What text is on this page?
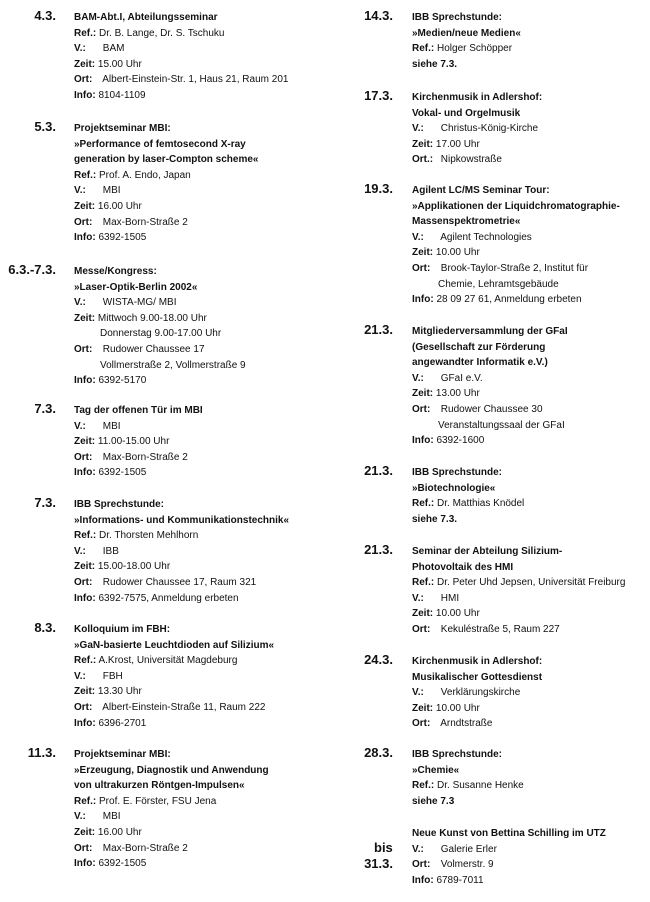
4.3. BAM-Abt.I, Abteilungsseminar
Ref.: Dr. B. Lange, Dr. S. Tschuku
V.: BAM
Zeit: 15.00 Uhr
Ort: Albert-Einstein-Str. 1, Haus 21, Raum 201
Info: 8104-1109
5.3. Projektseminar MBI:
»Performance of femtosecond X-ray
generation by laser-Compton scheme«
Ref.: Prof. A. Endo, Japan
V.: MBI
Zeit: 16.00 Uhr
Ort: Max-Born-Straße 2
Info: 6392-1505
6.3.-7.3. Messe/Kongress:
»Laser-Optik-Berlin 2002«
V.: WISTA-MG/ MBI
Zeit: Mittwoch 9.00-18.00 Uhr
Donnerstag 9.00-17.00 Uhr
Ort: Rudower Chaussee 17
Vollmerstraße 2, Vollmerstraße 9
Info: 6392-5170
7.3. Tag der offenen Tür im MBI
V.: MBI
Zeit: 11.00-15.00 Uhr
Ort: Max-Born-Straße 2
Info: 6392-1505
7.3. IBB Sprechstunde:
»Informations- und Kommunikationstechnik«
Ref.: Dr. Thorsten Mehlhorn
V.: IBB
Zeit: 15.00-18.00 Uhr
Ort: Rudower Chaussee 17, Raum 321
Info: 6392-7575, Anmeldung erbeten
8.3. Kolloquium im FBH:
»GaN-basierte Leuchtdioden auf Silizium«
Ref.: A.Krost, Universität Magdeburg
V.: FBH
Zeit: 13.30 Uhr
Ort: Albert-Einstein-Straße 11, Raum 222
Info: 6396-2701
11.3. Projektseminar MBI:
»Erzeugung, Diagnostik und Anwendung
von ultrakurzen Röntgen-Impulsen«
Ref.: Prof. E. Förster, FSU Jena
V.: MBI
Zeit: 16.00 Uhr
Ort: Max-Born-Straße 2
Info: 6392-1505
14.3. IBB Sprechstunde:
»Medien/neue Medien«
Ref.: Holger Schöpper
siehe 7.3.
17.3. Kirchenmusik in Adlershof:
Vokal- und Orgelmusik
V.: Christus-König-Kirche
Zeit: 17.00 Uhr
Ort.: Nipkowstraße
19.3. Agilent LC/MS Seminar Tour:
»Applikationen der Liquidchromatographie-
Massenspektrometrie«
V.: Agilent Technologies
Zeit: 10.00 Uhr
Ort: Brook-Taylor-Straße 2, Institut für
Chemie, Lehramtsgebäude
Info: 28 09 27 61, Anmeldung erbeten
21.3. Mitgliederversammlung der GFaI
(Gesellschaft zur Förderung
angewandter Informatik e.V.)
V.: GFaI e.V.
Zeit: 13.00 Uhr
Ort: Rudower Chaussee 30
Veranstaltungssaal der GFaI
Info: 6392-1600
21.3. IBB Sprechstunde:
»Biotechnologie«
Ref.: Dr. Matthias Knödel
siehe 7.3.
21.3. Seminar der Abteilung Silizium-
Photovoltaik des HMI
Ref.: Dr. Peter Uhd Jepsen, Universität Freiburg
V.: HMI
Zeit: 10.00 Uhr
Ort: Kekuléstraße 5, Raum 227
24.3. Kirchenmusik in Adlershof:
Musikalischer Gottesdienst
V.: Verklärungskirche
Zeit: 10.00 Uhr
Ort: Arndtstraße
28.3. IBB Sprechstunde:
»Chemie«
Ref.: Dr. Susanne Henke
siehe 7.3
bis
31.3.
Neue Kunst von Bettina Schilling im UTZ
V.: Galerie Erler
Ort: Volmerstr. 9
Info: 6789-7011
